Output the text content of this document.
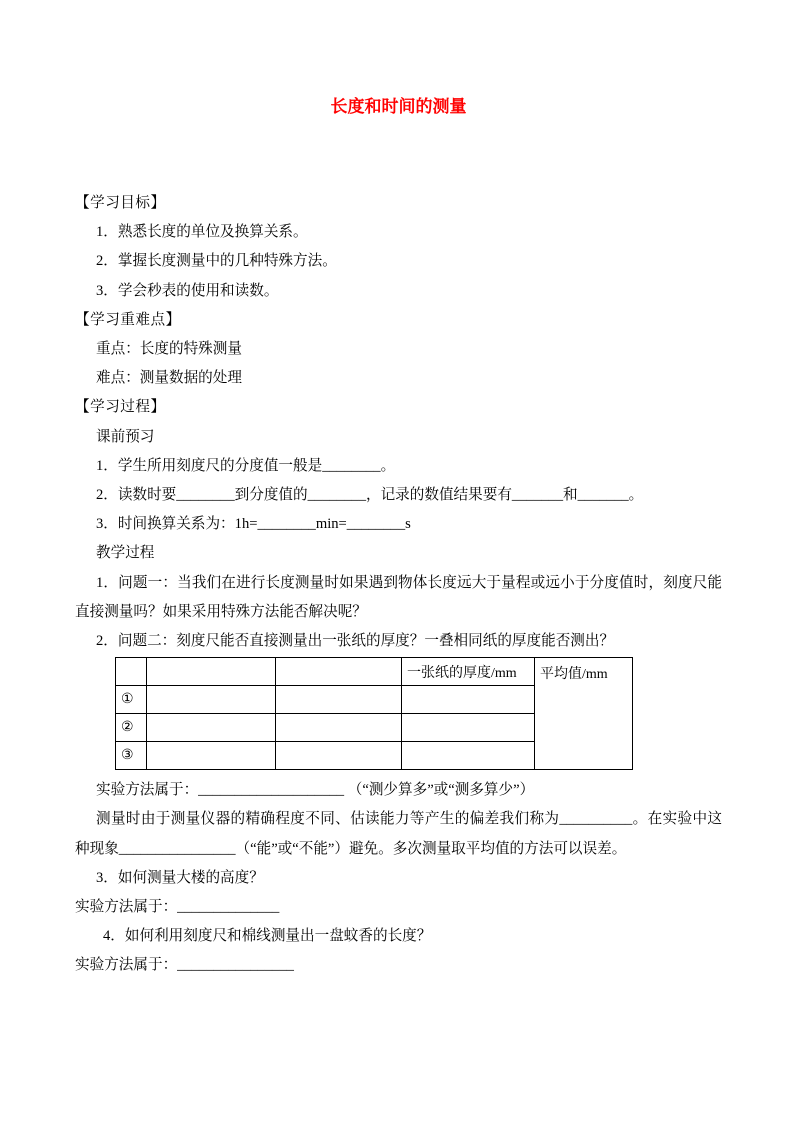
长度和时间的测量

【学习目标】

1．熟悉长度的单位及换算关系。

2．掌握长度测量中的几种特殊方法。

3．学会秒表的使用和读数。

【学习重难点】

重点：长度的特殊测量

难点：测量数据的处理

【学习过程】

课前预习

1．学生所用刻度尺的分度值一般是________。

2．读数时要________到分度值的________，记录的数值结果要有_______和_______。

3．时间换算关系为：1h=________min=________s

教学过程

1．问题一：当我们在进行长度测量时如果遇到物体长度远大于量程或远小于分度值时，刻度尺能直接测量吗？如果采用特殊方法能否解决呢？

2．问题二：刻度尺能否直接测量出一张纸的厚度？一叠相同纸的厚度能否测出？

			一张纸的厚度/mm	平均值/mm
①				
②				
③				

实验方法属于：____________________ （“测少算多”或“测多算少”）

测量时由于测量仪器的精确程度不同、估读能力等产生的偏差我们称为__________。在实验中这种现象________________（“能”或“不能”）避免。多次测量取平均值的方法可以误差。

3．如何测量大楼的高度？

实验方法属于：______________

4．如何利用刻度尺和棉线测量出一盘蚊香的长度？

实验方法属于：________________
